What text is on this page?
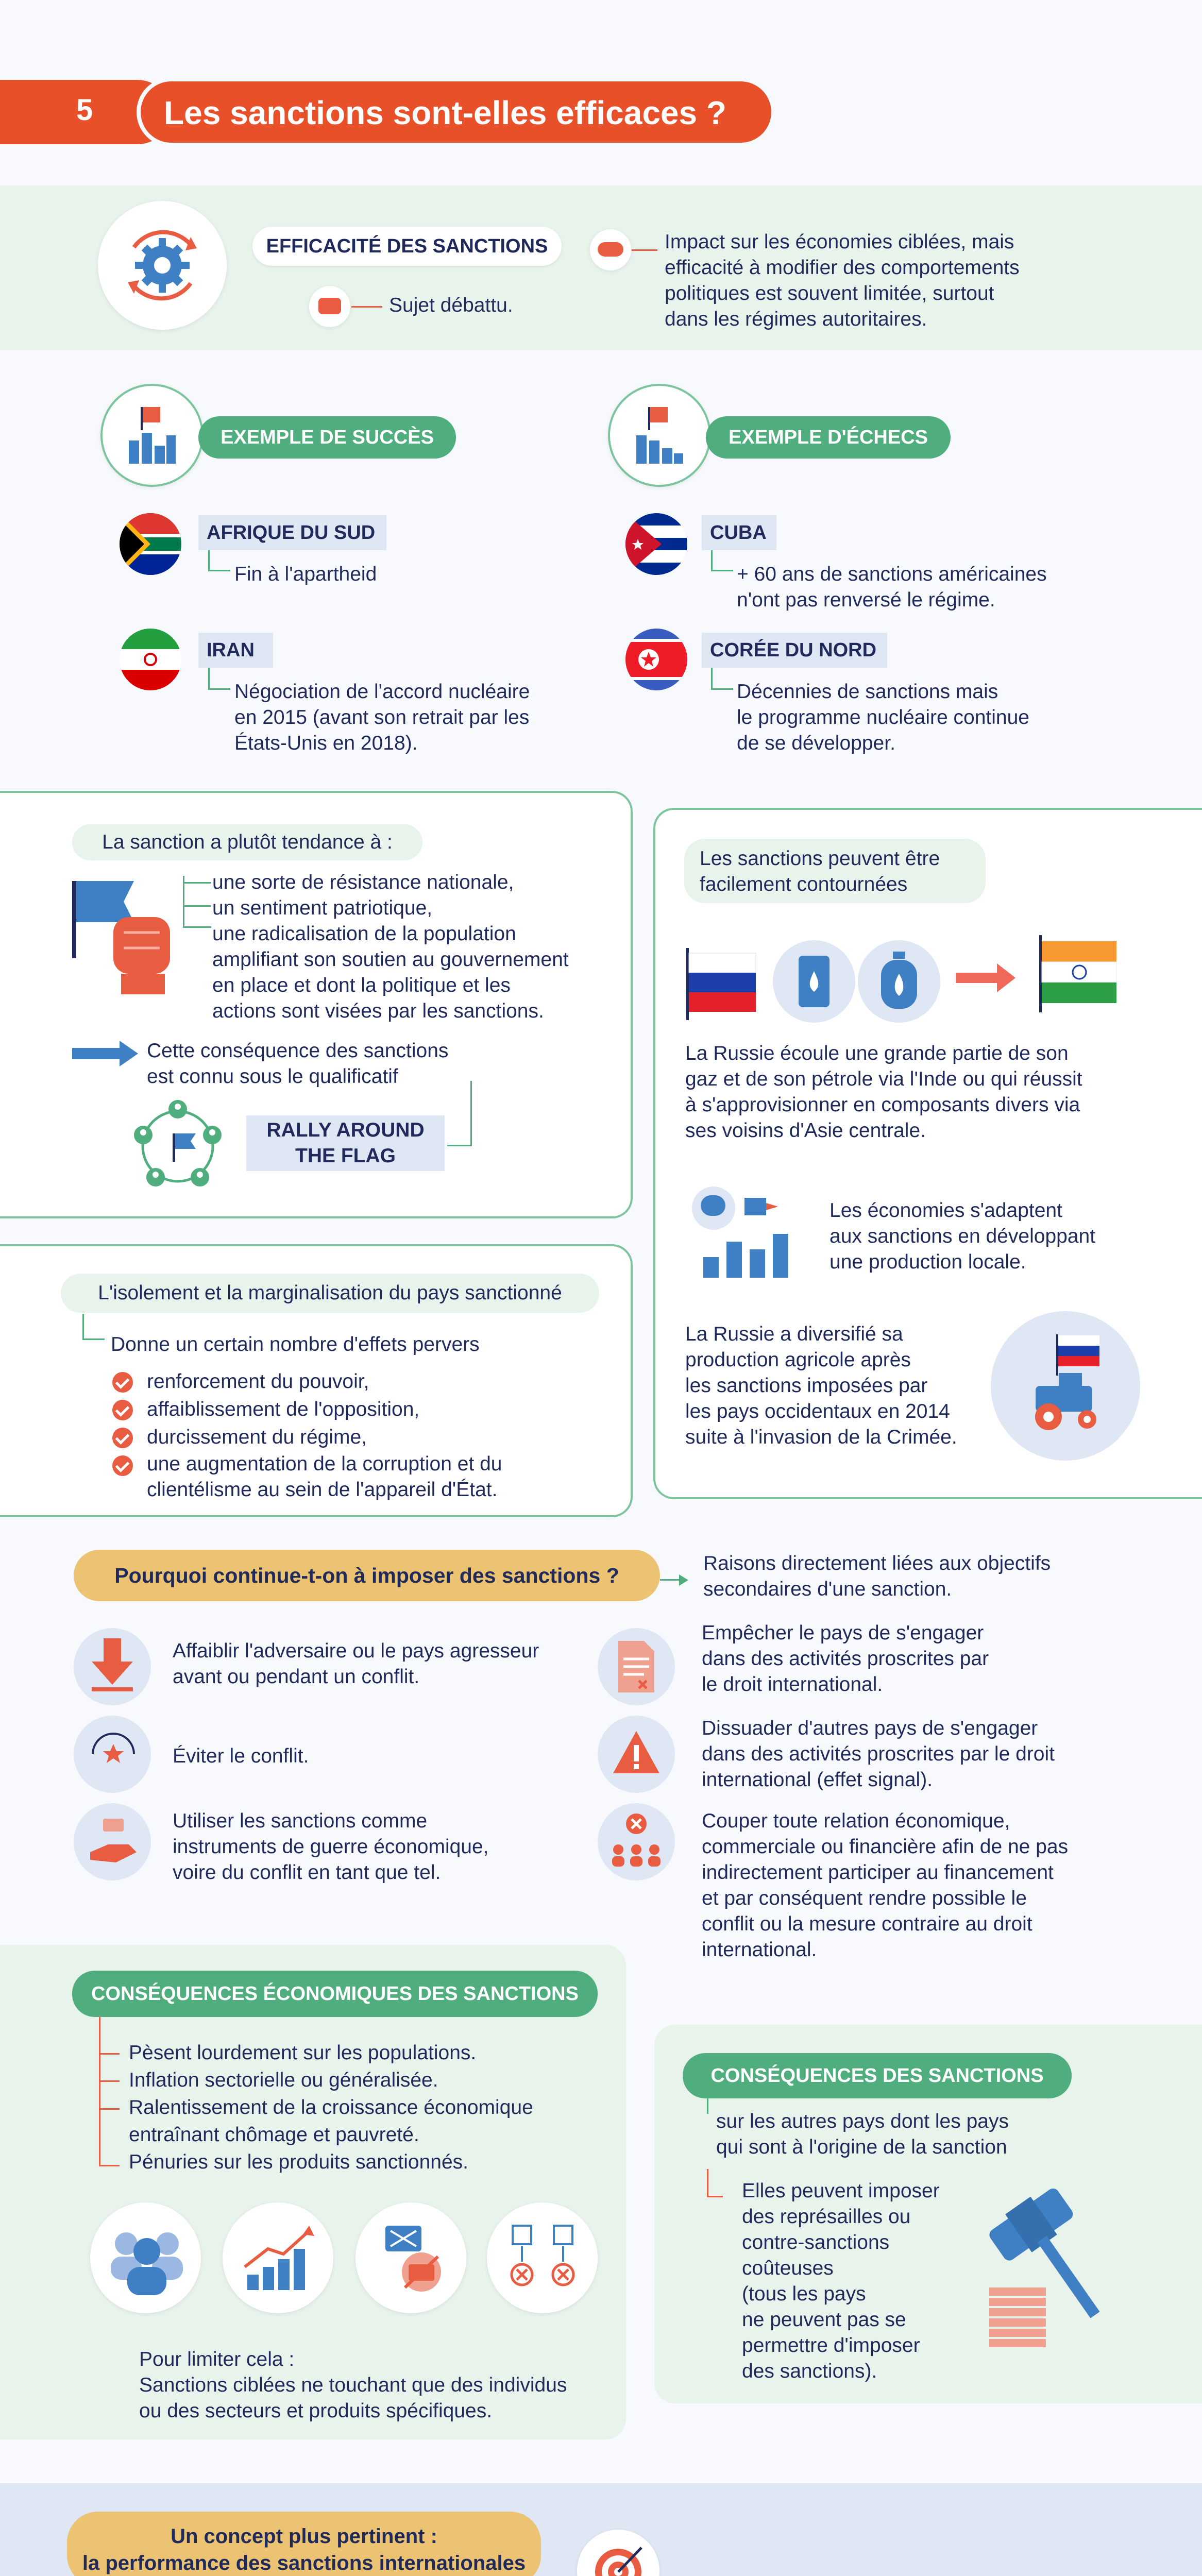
5 Les sanctions sont-elles efficaces ?
EFFICACITÉ DES SANCTIONS	Impact sur les économies ciblées, mais
efficacité à modifier des comportements
politiques est souvent limitée, surtout
dans les régimes autoritaires.
Sujet débattu.
EXEMPLE DE SUCCÈS
AFRIQUE DU SUD
Fin à l'apartheid
IRAN
Négociation de l'accord nucléaire
en 2015 (avant son retrait par les
États-Unis en 2018).
EXEMPLE D'ÉCHECS
CUBA
+ 60 ans de sanctions américaines
n'ont pas renversé le régime.
CORÉE DU NORD
Décennies de sanctions mais
le programme nucléaire continue
de se développer.
La sanction a plutôt tendance à :
une sorte de résistance nationale,
un sentiment patriotique,
une radicalisation de la population
amplifiant son soutien au gouvernement
en place et dont la politique et les
actions sont visées par les sanctions.
Cette conséquence des sanctions
est connu sous le qualificatif
RALLY AROUND
THE FLAG
Les sanctions peuvent être
facilement contournées
La Russie écoule une grande partie de son
gaz et de son pétrole via l'Inde ou qui réussit
à s'approvisionner en composants divers via
ses voisins d'Asie centrale.
Les économies s'adaptent
aux sanctions en développant
une production locale.
La Russie a diversifié sa
production agricole après
les sanctions imposées par
les pays occidentaux en 2014
suite à l'invasion de la Crimée.
L'isolement et la marginalisation du pays sanctionné
Donne un certain nombre d'effets pervers
renforcement du pouvoir,
affaiblissement de l'opposition,
durcissement du régime,
une augmentation de la corruption et du
clientélisme au sein de l'appareil d'État.
Pourquoi continue-t-on à imposer des sanctions ?	Raisons directement liées aux objectifs
secondaires d'une sanction.
Affaiblir l'adversaire ou le pays agresseur
avant ou pendant un conflit.
Éviter le conflit.
Utiliser les sanctions comme
instruments de guerre économique,
voire du conflit en tant que tel.
Empêcher le pays de s'engager
dans des activités proscrites par
le droit international.
Dissuader d'autres pays de s'engager
dans des activités proscrites par le droit
international (effet signal).
Couper toute relation économique,
commerciale ou financière afin de ne pas
indirectement participer au financement
et par conséquent rendre possible le
conflit ou la mesure contraire au droit
international.
CONSÉQUENCES ÉCONOMIQUES DES SANCTIONS
Pèsent lourdement sur les populations.
Inflation sectorielle ou généralisée.
Ralentissement de la croissance économique
entraînant chômage et pauvreté.
Pénuries sur les produits sanctionnés.
Pour limiter cela :
Sanctions ciblées ne touchant que des individus
ou des secteurs et produits spécifiques.
CONSÉQUENCES DES SANCTIONS
sur les autres pays dont les pays
qui sont à l'origine de la sanction
Elles peuvent imposer
des représailles ou
contre-sanctions
coûteuses
(tous les pays
ne peuvent pas se
permettre d'imposer
des sanctions).
Un concept plus pertinent :
la performance des sanctions internationales
